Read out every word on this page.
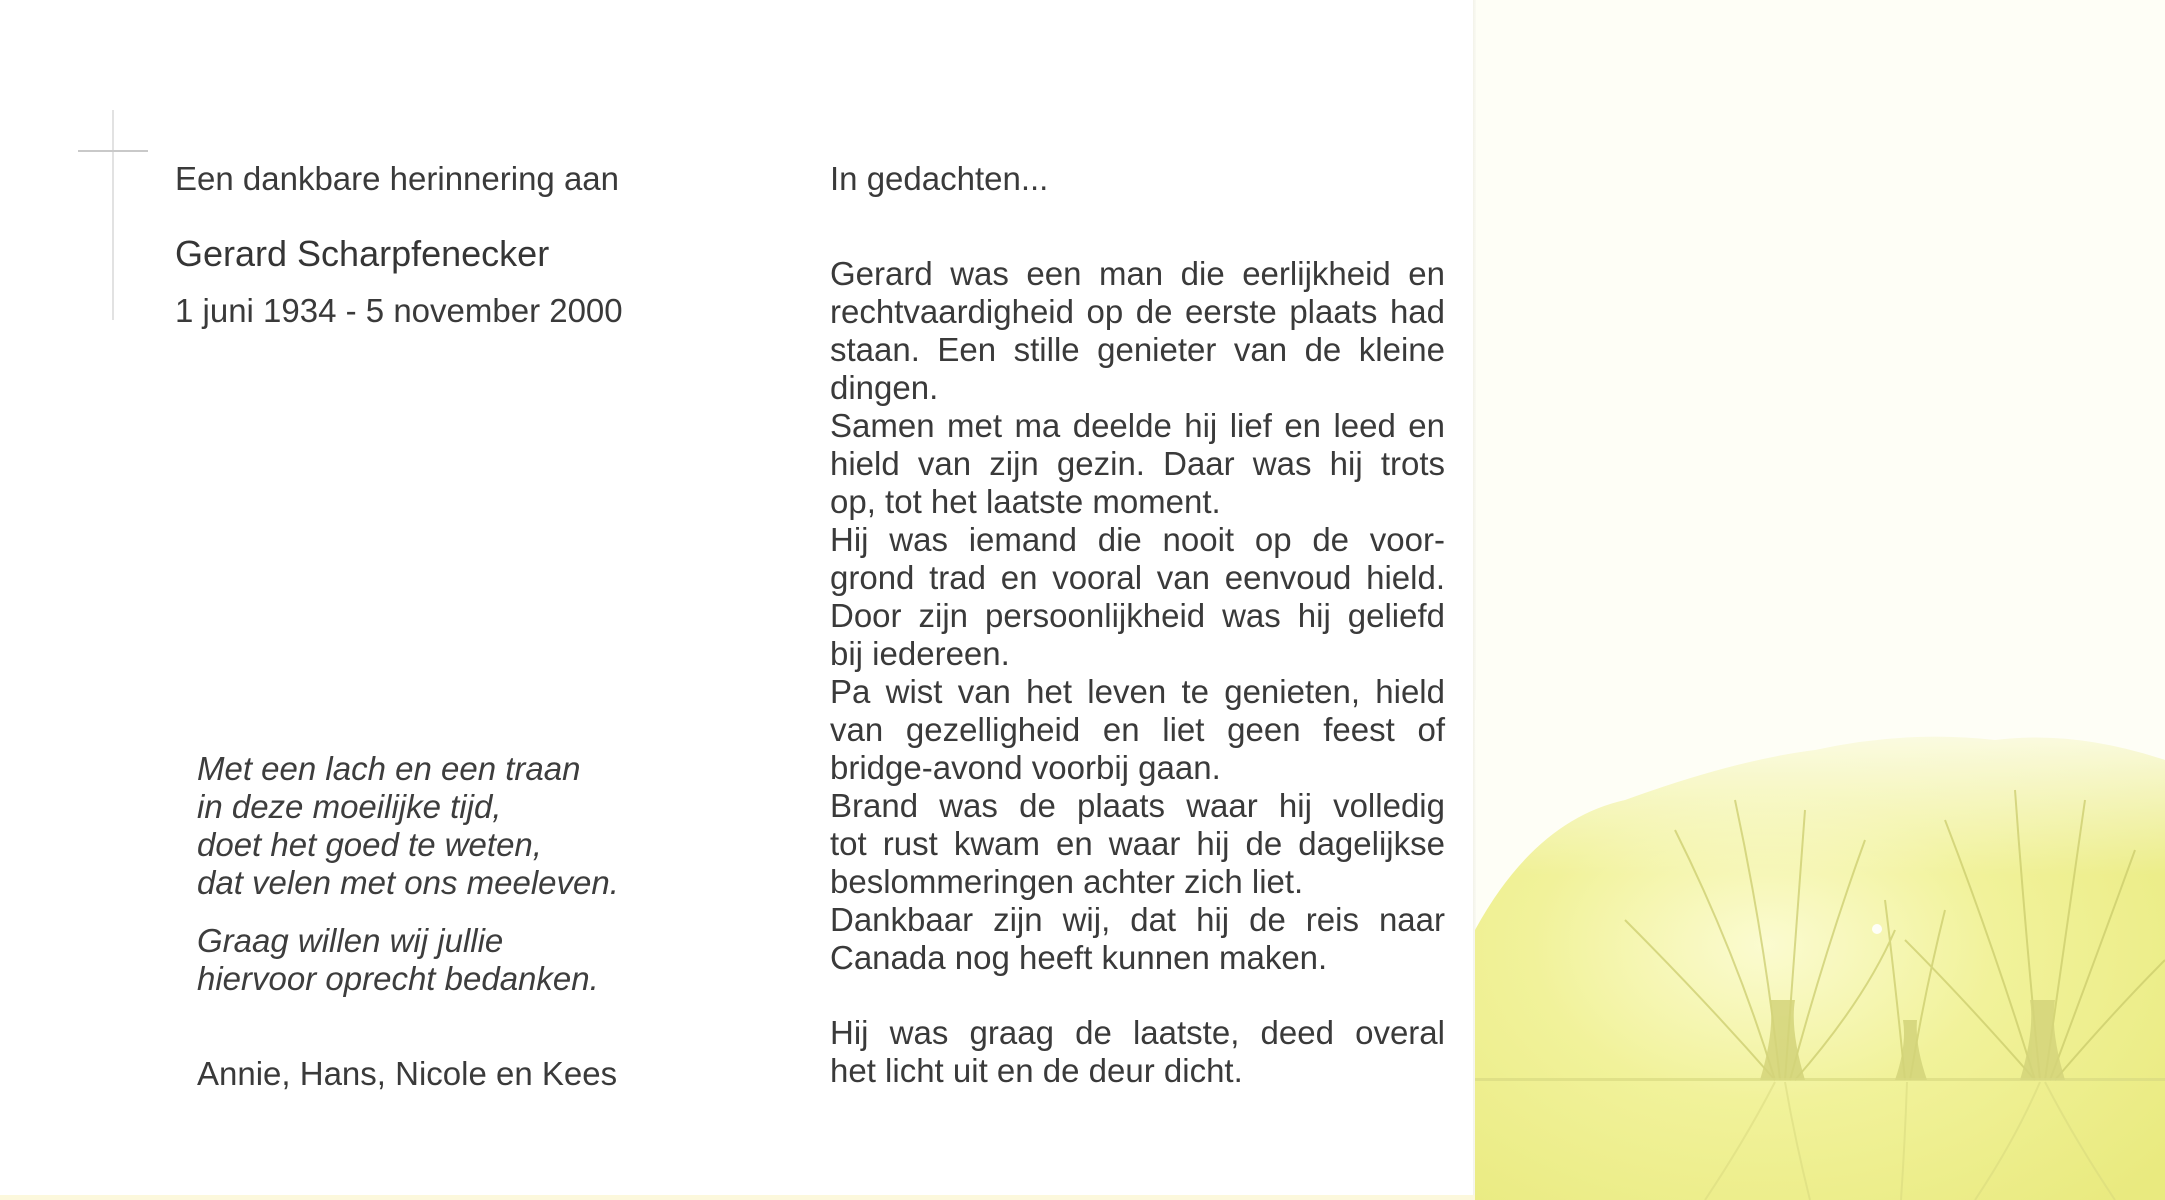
Een dankbare herinnering aan
Gerard Scharpfenecker
1 juni 1934 - 5 november 2000
Met een lach en een traan
in deze moeilijke tijd,
doet het goed te weten,
dat velen met ons meeleven.
Graag willen wij jullie
hiervoor oprecht bedanken.
Annie, Hans, Nicole en Kees
In gedachten...
Gerard was een man die eerlijkheid en
rechtvaardigheid op de eerste plaats had
staan. Een stille genieter van de kleine
dingen.
Samen met ma deelde hij lief en leed en
hield van zijn gezin. Daar was hij trots
op, tot het laatste moment.
Hij was iemand die nooit op de voor-
grond trad en vooral van eenvoud hield.
Door zijn persoonlijkheid was hij geliefd
bij iedereen.
Pa wist van het leven te genieten, hield
van gezelligheid en liet geen feest of
bridge-avond voorbij gaan.
Brand was de plaats waar hij volledig
tot rust kwam en waar hij de dagelijkse
beslommeringen achter zich liet.
Dankbaar zijn wij, dat hij de reis naar
Canada nog heeft kunnen maken.
Hij was graag de laatste, deed overal
het licht uit en de deur dicht.
